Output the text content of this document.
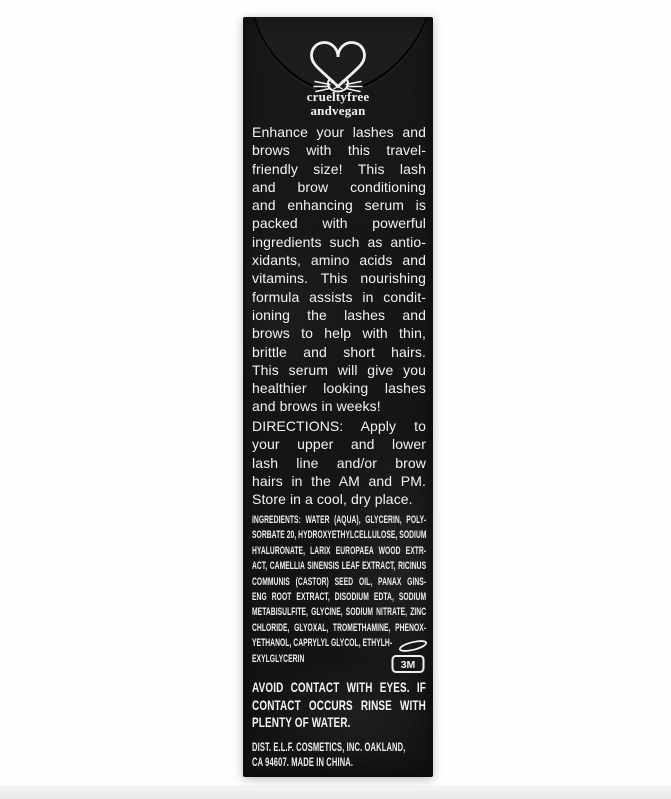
crueltyfree
andvegan
Enhance your lashes and
brows with this travel-
friendly size! This lash
and brow conditioning
and enhancing serum is
packed with powerful
ingredients such as antio-
xidants, amino acids and
vitamins. This nourishing
formula assists in condit-
ioning the lashes and
brows to help with thin,
brittle and short hairs.
This serum will give you
healthier looking lashes
and brows in weeks!
DIRECTIONS: Apply to
your upper and lower
lash line and/or brow
hairs in the AM and PM.
Store in a cool, dry place.
INGREDIENTS: WATER (AQUA), GLYCERIN, POLY-
SORBATE 20, HYDROXYETHYLCELLULOSE, SODIUM
HYALURONATE, LARIX EUROPAEA WOOD EXTR-
ACT, CAMELLIA SINENSIS LEAF EXTRACT, RICINUS
COMMUNIS (CASTOR) SEED OIL, PANAX GINS-
ENG ROOT EXTRACT, DISODIUM EDTA, SODIUM
METABISULFITE, GLYCINE, SODIUM NITRATE, ZINC
CHLORIDE, GLYOXAL, TROMETHAMINE, PHENOX-
YETHANOL, CAPRYLYL GLYCOL, ETHYLH-
EXYLGLYCERIN
3M
AVOID CONTACT WITH EYES. IF
CONTACT OCCURS RINSE WITH
PLENTY OF WATER.
DIST. E.L.F. COSMETICS, INC. OAKLAND,
CA 94607. MADE IN CHINA.
